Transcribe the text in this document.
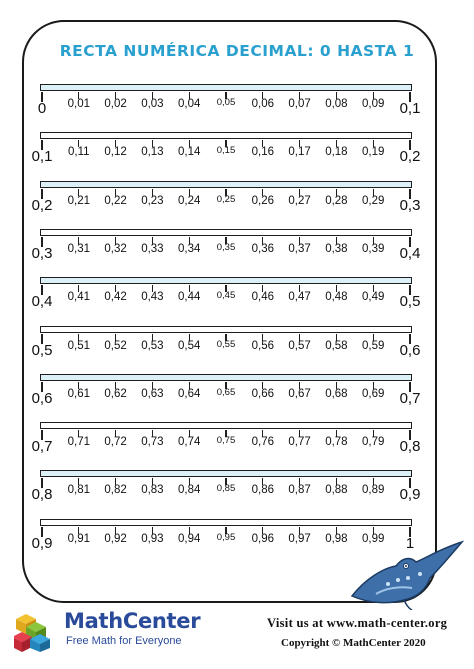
RECTA NUMÉRICA DECIMAL: 0 HASTA 1
0 0,01 0,02 0,03 0,04 0,05 0,06 0,07 0,08 0,09 0,1
0,1 0,11 0,12 0,13 0,14 0,15 0,16 0,17 0,18 0,19 0,2
0,2 0,21 0,22 0,23 0,24 0,25 0,26 0,27 0,28 0,29 0,3
0,3 0,31 0,32 0,33 0,34 0,35 0,36 0,37 0,38 0,39 0,4
0,4 0,41 0,42 0,43 0,44 0,45 0,46 0,47 0,48 0,49 0,5
0,5 0,51 0,52 0,53 0,54 0,55 0,56 0,57 0,58 0,59 0,6
0,6 0,61 0,62 0,63 0,64 0,65 0,66 0,67 0,68 0,69 0,7
0,7 0,71 0,72 0,73 0,74 0,75 0,76 0,77 0,78 0,79 0,8
0,8 0,81 0,82 0,83 0,84 0,85 0,86 0,87 0,88 0,89 0,9
0,9 0,91 0,92 0,93 0,94 0,95 0,96 0,97 0,98 0,99 1
MathCenter
Free Math for Everyone
Visit us at www.math-center.org
Copyright © MathCenter 2020
